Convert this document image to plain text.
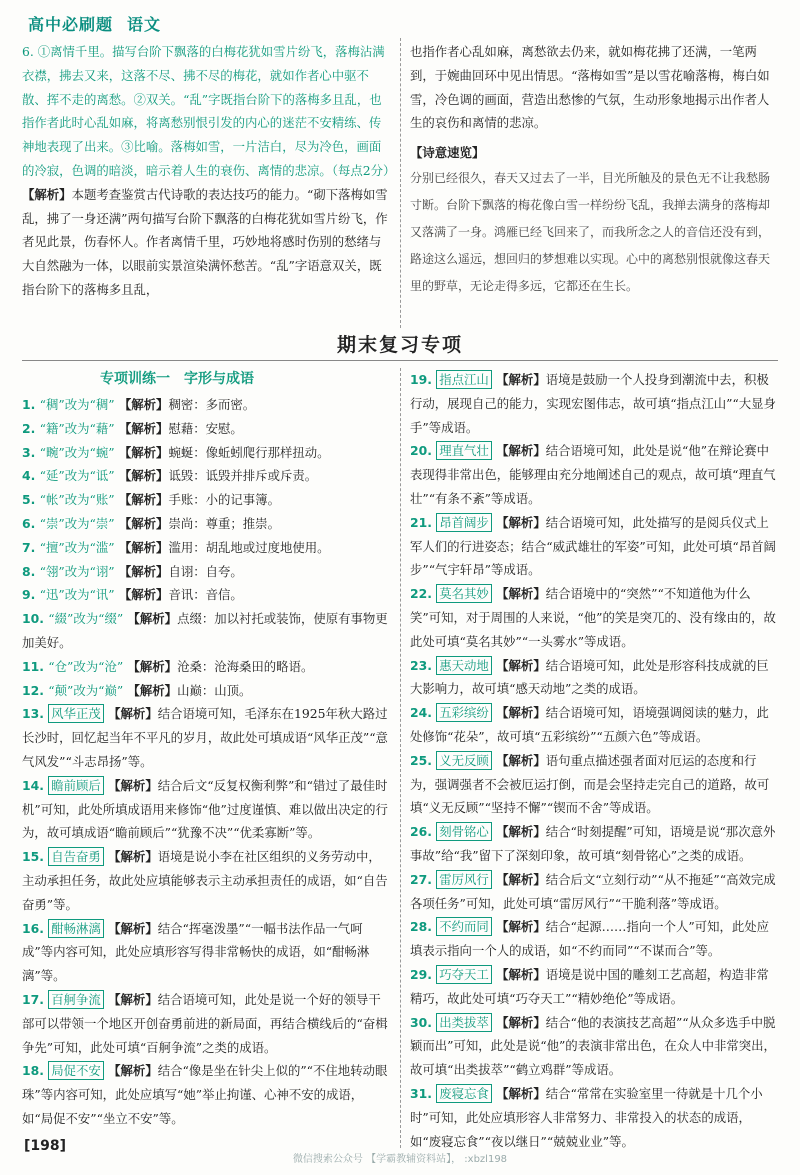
高中必刷题 语文
6. ①离情千里。描写台阶下飘落的白梅花犹如雪片纷飞，落梅沾满衣襟，拂去又来，这落不尽、拂不尽的梅花，就如作者心中驱不散、挥不走的离愁。②双关。“乱”字既指台阶下的落梅多且乱，也指作者此时心乱如麻，将离愁别恨引发的内心的迷茫不安精练、传神地表现了出来。③比喻。落梅如雪，一片洁白，尽为冷色，画面的冷寂，色调的暗淡，暗示着人生的衰伤、离情的悲凉。（每点2分）
【解析】本题考查鉴赏古代诗歌的表达技巧的能力。“砌下落梅如雪乱，拂了一身还满”两句描写台阶下飘落的白梅花犹如雪片纷飞，作者见此景，伤春怀人。作者离情千里，巧妙地将感时伤别的愁绪与大自然融为一体，以眼前实景渲染满怀愁苦。“乱”字语意双关，既指台阶下的落梅多且乱，
也指作者心乱如麻，离愁欲去仍来，就如梅花拂了还满，一笔两到，于婉曲回环中见出情思。“落梅如雪”是以雪花喻落梅，梅白如雪，冷色调的画面，营造出愁惨的气氛，生动形象地揭示出作者人生的哀伤和离情的悲凉。
【诗意速览】
分别已经很久，春天又过去了一半，目光所触及的景色无不让我愁肠寸断。台阶下飘落的梅花像白雪一样纷纷飞乱，我掸去满身的落梅却又落满了一身。鸿雁已经飞回来了，而我所念之人的音信还没有到，路途这么遥远，想回归的梦想难以实现。心中的离愁别恨就像这春天里的野草，无论走得多远，它都还在生长。
期末复习专项
专项训练一　字形与成语
1. “稠”改为“稠” 【解析】稠密：多而密。
2. “籍”改为“藉” 【解析】慰藉：安慰。
3. “畹”改为“蜿” 【解析】蜿蜒：像蚯蚓爬行那样扭动。
4. “延”改为“诋” 【解析】诋毁：诋毁并排斥或斥责。
5. “帐”改为“账” 【解析】手账：小的记事簿。
6. “崇”改为“崇” 【解析】崇尚：尊重；推崇。
7. “擅”改为“滥” 【解析】滥用：胡乱地或过度地使用。
8. “翎”改为“诩” 【解析】自诩：自夸。
9. “迅”改为“讯” 【解析】音讯：音信。
10. “綴”改为“缀” 【解析】点缀：加以衬托或装饰，使原有事物更加美好。
11. “仓”改为“沧” 【解析】沧桑：沧海桑田的略语。
12. “颠”改为“巅” 【解析】山巅：山顶。
13. 风华正茂 【解析】结合语境可知，毛泽东在1925年秋大路过长沙时，回忆起当年不平凡的岁月，故此处可填成语“风华正茂”“意气风发”“斗志昂扬”等。
14. 瞻前顾后 【解析】结合后文“反复权衡利弊”和“错过了最佳时机”可知，此处所填成语用来修饰“他”过度谨慎、难以做出决定的行为，故可填成语“瞻前顾后”“犹豫不决”“优柔寡断”等。
15. 自告奋勇 【解析】语境是说小李在社区组织的义务劳动中，主动承担任务，故此处应填能够表示主动承担责任的成语，如“自告奋勇”等。
16. 酣畅淋漓 【解析】结合“挥毫泼墨”“一幅书法作品一气呵成”等内容可知，此处应填形容写得非常畅快的成语，如“酣畅淋漓”等。
17. 百舸争流 【解析】结合语境可知，此处是说一个好的领导干部可以带领一个地区开创奋勇前进的新局面，再结合横线后的“奋楫争先”可知，此处可填“百舸争流”之类的成语。
18. 局促不安 【解析】结合“像是坐在针尖上似的”“不住地转动眼珠”等内容可知，此处应填写“她”举止拘谨、心神不安的成语，如“局促不安”“坐立不安”等。
19. 指点江山 【解析】语境是鼓励一个人投身到潮流中去，积极行动，展现自己的能力，实现宏图伟志，故可填“指点江山”“大显身手”等成语。
20. 理直气壮 【解析】结合语境可知，此处是说“他”在辩论赛中表现得非常出色，能够理由充分地阐述自己的观点，故可填“理直气壮”“有条不紊”等成语。
21. 昂首阔步 【解析】结合语境可知，此处描写的是阅兵仪式上军人们的行进姿态；结合“威武雄壮的军姿”可知，此处可填“昂首阔步”“气宇轩昂”等成语。
22. 莫名其妙 【解析】结合语境中的“突然”“不知道他为什么笑”可知，对于周围的人来说，“他”的笑是突兀的、没有缘由的，故此处可填“莫名其妙”“一头雾水”等成语。
23. 惠天动地 【解析】结合语境可知，此处是形容科技成就的巨大影响力，故可填“感天动地”之类的成语。
24. 五彩缤纷 【解析】结合语境可知，语境强调阅读的魅力，此处修饰“花朵”，故可填“五彩缤纷”“五颜六色”等成语。
25. 义无反顾 【解析】语句重点描述强者面对厄运的态度和行为，强调强者不会被厄运打倒，而是会坚持走完自己的道路，故可填“义无反顾”“坚持不懈”“锲而不舍”等成语。
26. 刻骨铭心 【解析】结合“时刻提醒”可知，语境是说“那次意外事故”给“我”留下了深刻印象，故可填“刻骨铭心”之类的成语。
27. 雷厉风行 【解析】结合后文“立刻行动”“从不拖延”“高效完成各项任务”可知，此处可填“雷厉风行”“干脆利落”等成语。
28. 不约而同 【解析】结合“起源……指向一个人”可知，此处应填表示指向一个人的成语，如“不约而同”“不谋而合”等。
29. 巧夺天工 【解析】语境是说中国的雕刻工艺高超，构造非常精巧，故此处可填“巧夺天工”“精妙绝伦”等成语。
30. 出类拔萃 【解析】结合“他的表演技艺高超”“从众多选手中脱颖而出”可知，此处是说“他”的表演非常出色，在众人中非常突出，故可填“出类拔萃”“鹤立鸡群”等成语。
31. 废寝忘食 【解析】结合“常常在实验室里一待就是十几个小时”可知，此处应填形容人非常努力、非常投入的状态的成语，如“废寝忘食”“夜以继日”“兢兢业业”等。
[198]
微信搜索公众号 【学霸教辅资料站】， :xbzl198
